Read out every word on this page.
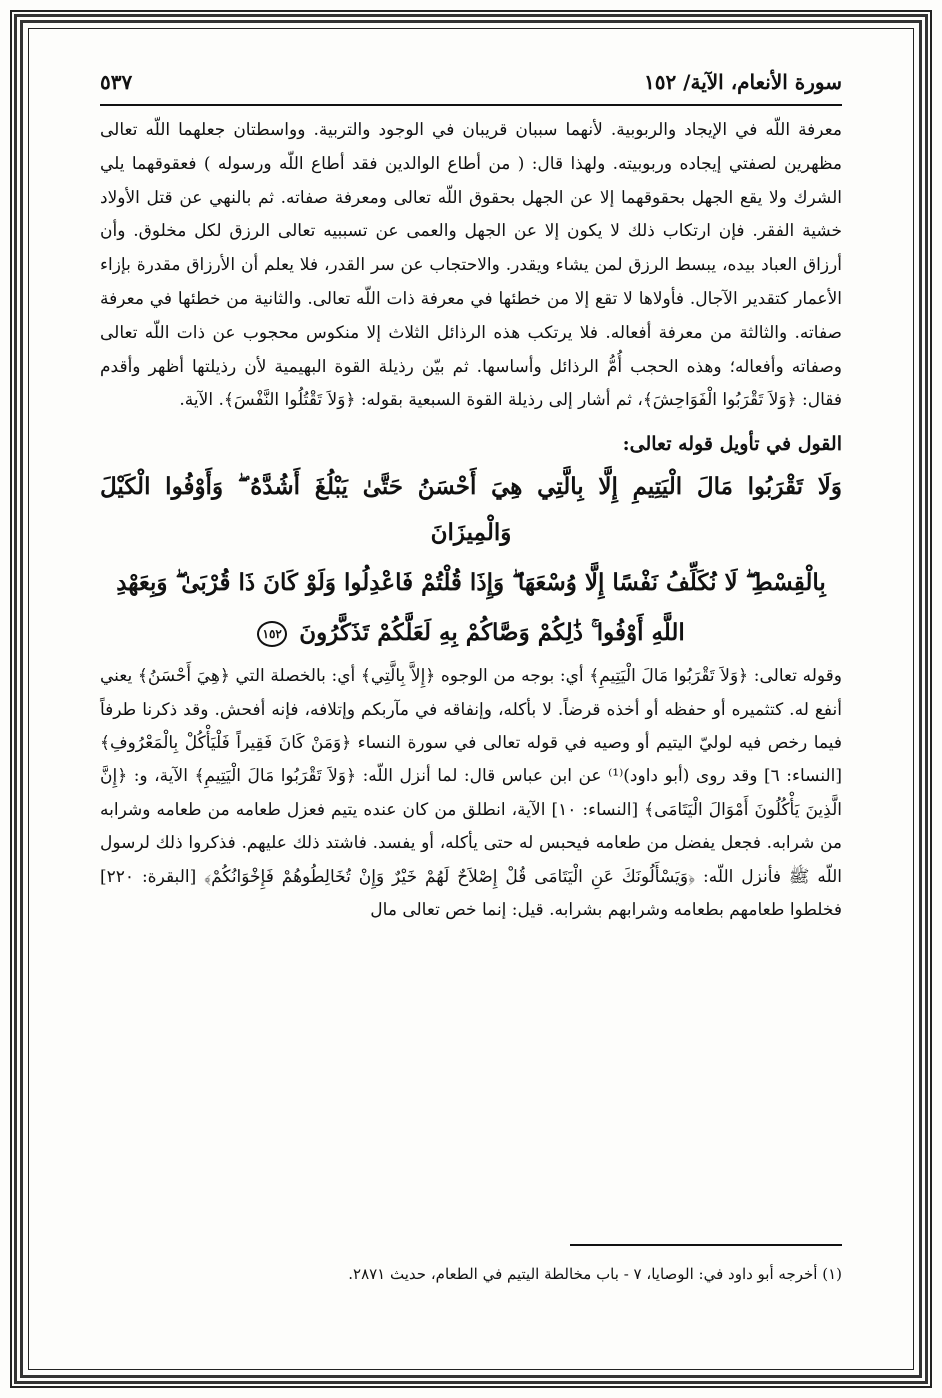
سورة الأنعام، الآية/ ١٥٢
٥٣٧

معرفة اللّه في الإيجاد والربوبية. لأنهما سببان قريبان في الوجود والتربية. وواسطتان جعلهما اللّه تعالى مظهرين لصفتي إيجاده وربوبيته. ولهذا قال: ( من أطاع الوالدين فقد أطاع اللّه ورسوله ) فعقوقهما يلي الشرك ولا يقع الجهل بحقوقهما إلا عن الجهل بحقوق اللّه تعالى ومعرفة صفاته. ثم بالنهي عن قتل الأولاد خشية الفقر. فإن ارتكاب ذلك لا يكون إلا عن الجهل والعمى عن تسببيه تعالى الرزق لكل مخلوق. وأن أرزاق العباد بيده، يبسط الرزق لمن يشاء ويقدر. والاحتجاب عن سر القدر، فلا يعلم أن الأرزاق مقدرة بإزاء الأعمار كتقدير الآجال. فأولاها لا تقع إلا من خطئها في معرفة ذات اللّه تعالى. والثانية من خطئها في معرفة صفاته. والثالثة من معرفة أفعاله. فلا يرتكب هذه الرذائل الثلاث إلا منكوس محجوب عن ذات اللّه تعالى وصفاته وأفعاله؛ وهذه الحجب أُمُّ الرذائل وأساسها. ثم بيّن رذيلة القوة البهيمية لأن رذيلتها أظهر وأقدم فقال: ﴿وَلاَ تَقْرَبُوا الْفَوَاحِشَ﴾، ثم أشار إلى رذيلة القوة السبعية بقوله: ﴿وَلاَ تَقْتُلُوا النَّفْسَ﴾. الآية.

القول في تأويل قوله تعالى:

وَلَا تَقْرَبُوا مَالَ الْيَتِيمِ إِلَّا بِالَّتِي هِيَ أَحْسَنُ حَتَّىٰ يَبْلُغَ أَشُدَّهُ ۖ وَأَوْفُوا الْكَيْلَ وَالْمِيزَانَ

بِالْقِسْطِ ۖ لَا نُكَلِّفُ نَفْسًا إِلَّا وُسْعَهَا ۖ وَإِذَا قُلْتُمْ فَاعْدِلُوا وَلَوْ كَانَ ذَا قُرْبَىٰ ۖ وَبِعَهْدِ

اللَّهِ أَوْفُوا ۚ ذَٰلِكُمْ وَصَّاكُمْ بِهِ لَعَلَّكُمْ تَذَكَّرُونَ ١٥٢

وقوله تعالى: ﴿وَلاَ تَقْرَبُوا مَالَ الْيَتِيمِ﴾ أي: بوجه من الوجوه ﴿إِلاَّ بِالَّتِي﴾ أي: بالخصلة التي ﴿هِيَ أَحْسَنُ﴾ يعني أنفع له. كتثميره أو حفظه أو أخذه قرضاً. لا بأكله، وإنفاقه في مآربكم وإتلافه، فإنه أفحش. وقد ذكرنا طرفاً فيما رخص فيه لوليّ اليتيم أو وصيه في قوله تعالى في سورة النساء ﴿وَمَنْ كَانَ فَقِيراً فَلْيَأْكُلْ بِالْمَعْرُوفِ﴾ [النساء: ٦] وقد روى (أبو داود)⁽¹⁾ عن ابن عباس قال: لما أنزل اللّه: ﴿وَلاَ تَقْرَبُوا مَالَ الْيَتِيمِ﴾ الآية، و: ﴿إِنَّ الَّذِينَ يَأْكُلُونَ أَمْوَالَ الْيَتَامَى﴾ [النساء: ١٠] الآية، انطلق من كان عنده يتيم فعزل طعامه من طعامه وشرابه من شرابه. فجعل يفضل من طعامه فيحبس له حتى يأكله، أو يفسد. فاشتد ذلك عليهم. فذكروا ذلك لرسول اللّه ﷺ فأنزل اللّه: ﴿وَيَسْأَلُونَكَ عَنِ الْيَتَامَى قُلْ إِصْلاَحٌ لَهُمْ خَيْرٌ وَإِنْ تُخَالِطُوهُمْ فَإِخْوَانُكُمْ﴾ [البقرة: ٢٢٠] فخلطوا طعامهم بطعامه وشرابهم بشرابه. قيل: إنما خص تعالى مال

(١) أخرجه أبو داود في: الوصايا، ٧ - باب مخالطة اليتيم في الطعام، حديث ٢٨٧١.
